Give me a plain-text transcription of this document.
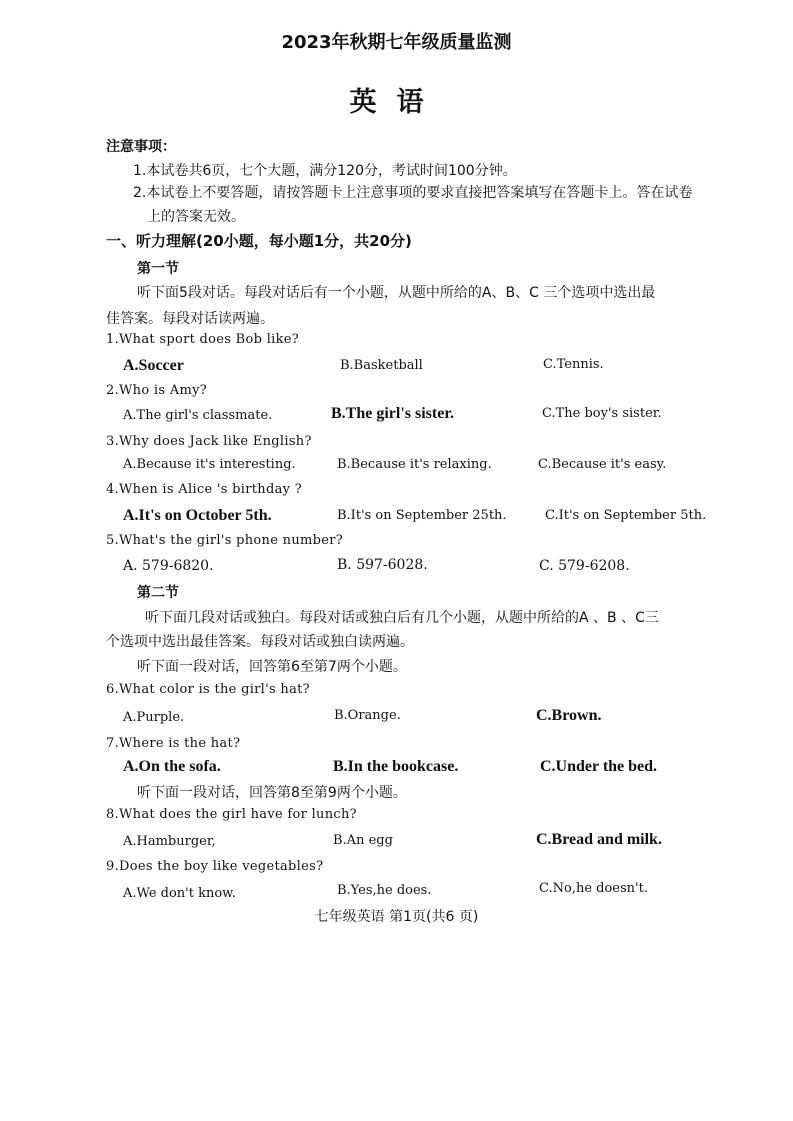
2023年秋期七年级质量监测
英语
注意事项：
1.本试卷共6页，七个大题，满分120分，考试时间100分钟。
2.本试卷上不要答题，请按答题卡上注意事项的要求直接把答案填写在答题卡上。答在试卷
上的答案无效。
一、听力理解(20小题，每小题1分，共20分)
第一节
听下面5段对话。每段对话后有一个小题，从题中所给的A、B、C 三个选项中选出最
佳答案。每段对话读两遍。
1.What sport does Bob like?
A.Soccer	B.Basketball	C.Tennis.
2.Who is Amy?
A.The girl's classmate.	B.The girl's sister.	C.The boy's sister.
3.Why does Jack like English?
A.Because it's interesting.	B.Because it's relaxing.	C.Because it's easy.
4.When is Alice 's birthday ?
A.It's on October 5th.	B.It's on September 25th.	C.It's on September 5th.
5.What's the girl's phone number?
A. 579-6820.	B. 597-6028.	C. 579-6208.
第二节
听下面几段对话或独白。每段对话或独白后有几个小题，从题中所给的A 、B 、C三
个选项中选出最佳答案。每段对话或独白读两遍。
听下面一段对话，回答第6至第7两个小题。
6.What color is the girl's hat?
A.Purple.	B.Orange.	C.Brown.
7.Where is the hat?
A.On the sofa.	B.In the bookcase.	C.Under the bed.
听下面一段对话，回答第8至第9两个小题。
8.What does the girl have for lunch?
A.Hamburger,	B.An egg	C.Bread and milk.
9.Does the boy like vegetables?
A.We don't know.	B.Yes,he does.	C.No,he doesn't.
七年级英语 第1页(共6 页)
